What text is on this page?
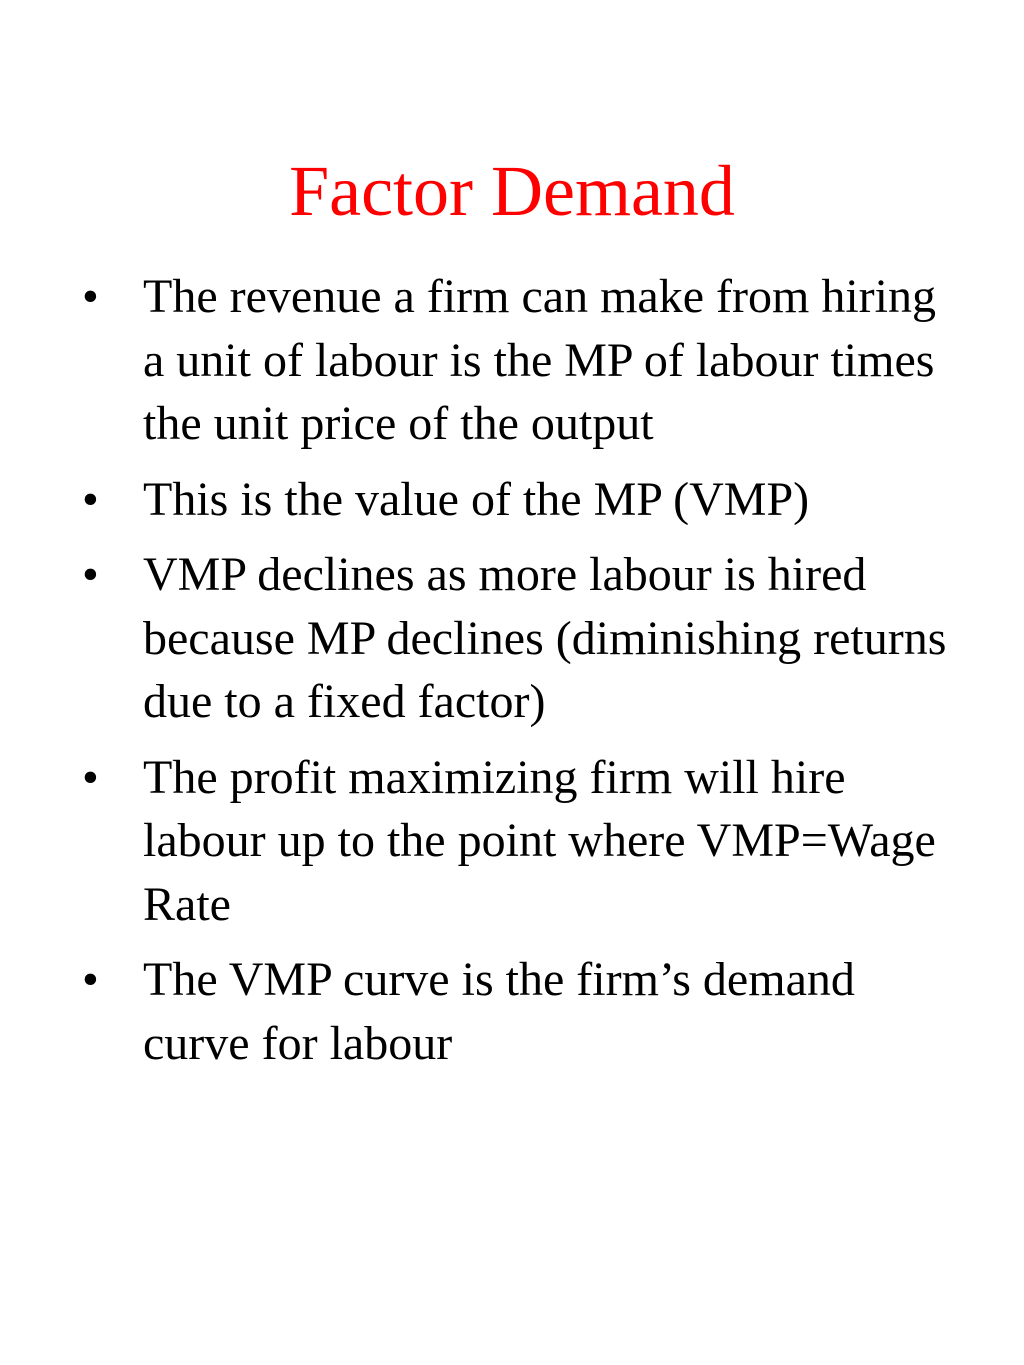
Factor Demand
• The revenue a firm can make from hiring a unit of labour is the MP of labour times the unit price of the output
• This is the value of the MP (VMP)
• VMP declines as more labour is hired because MP declines (diminishing returns due to a fixed factor)
• The profit maximizing firm will hire labour up to the point where VMP=Wage Rate
• The VMP curve is the firm’s demand curve for labour
